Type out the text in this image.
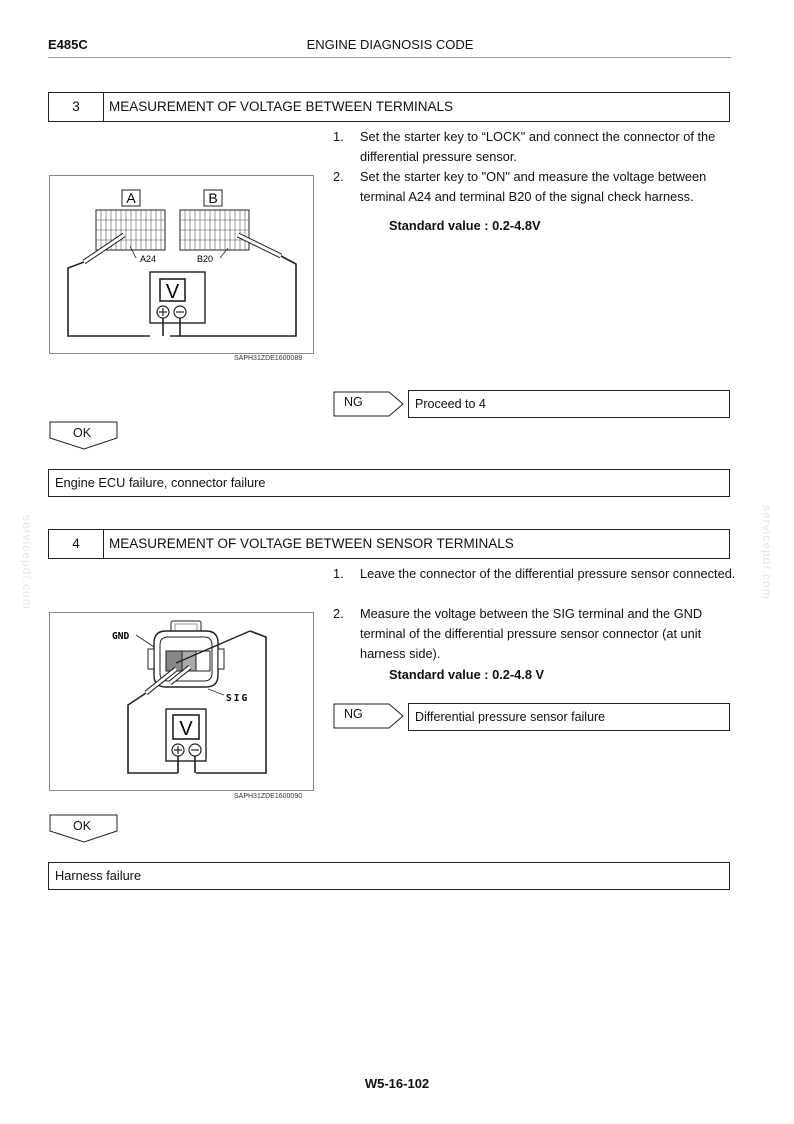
E485C	ENGINE DIAGNOSIS CODE
servicepdf.com	servicepdf.com
3	MEASUREMENT OF VOLTAGE BETWEEN TERMINALS
1. Set the starter key to “LOCK" and connect the connector of the differential pressure sensor.
2. Set the starter key to "ON" and measure the voltage between terminal A24 and terminal B20 of the signal check harness.
Standard value : 0.2-4.8V
A	B
A24	B20
V
SAPH31ZDE1600089
NG	Proceed to 4
OK
Engine ECU failure, connector failure
4	MEASUREMENT OF VOLTAGE BETWEEN SENSOR TERMINALS
1. Leave the connector of the differential pressure sensor connected.
2. Measure the voltage between the SIG terminal and the GND terminal of the differential pressure sensor connector (at unit harness side).
Standard value : 0.2-4.8 V
GND
SIG
V
SAPH31ZDE1600090
NG	Differential pressure sensor failure
OK
Harness failure
W5-16-102
